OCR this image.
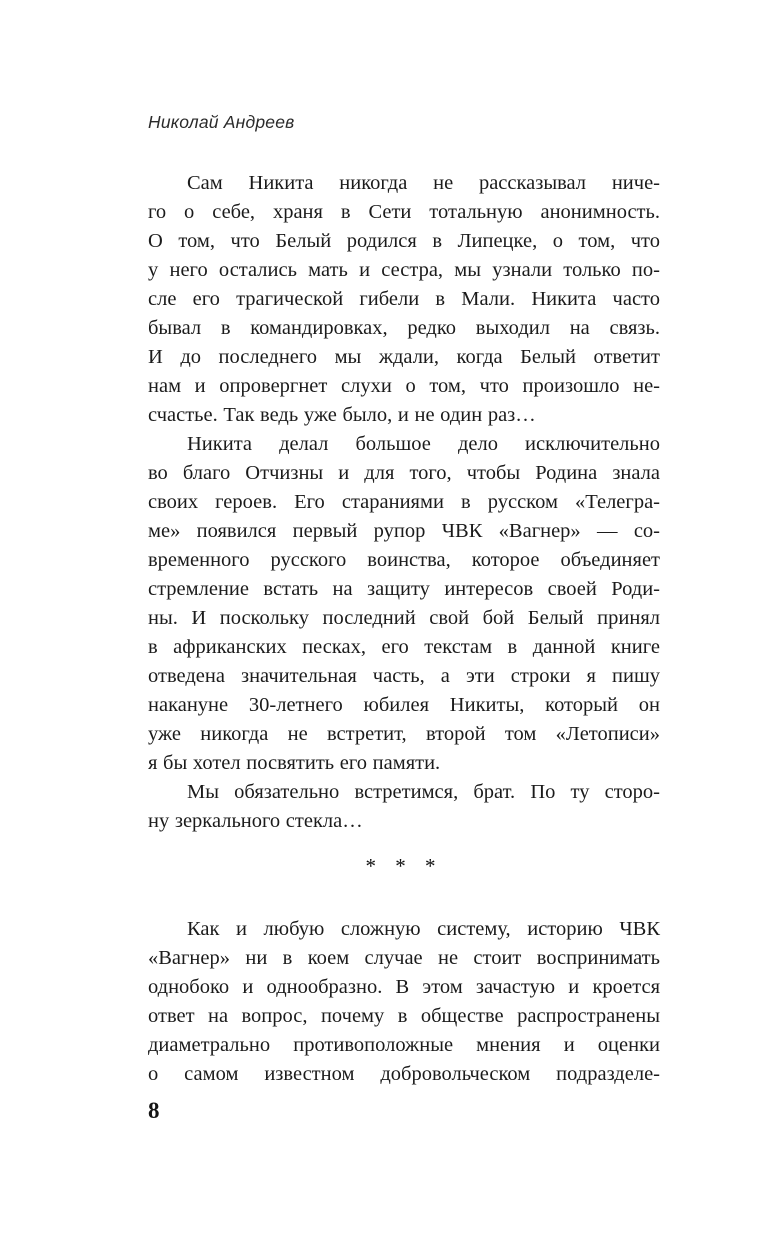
Николай Андреев
Сам Никита никогда не рассказывал ниче-
го о себе, храня в Сети тотальную анонимность.
О том, что Белый родился в Липецке, о том, что
у него остались мать и сестра, мы узнали только по-
сле его трагической гибели в Мали. Никита часто
бывал в командировках, редко выходил на связь.
И до последнего мы ждали, когда Белый ответит
нам и опровергнет слухи о том, что произошло не-
счастье. Так ведь уже было, и не один раз…
Никита делал большое дело исключительно
во благо Отчизны и для того, чтобы Родина знала
своих героев. Его стараниями в русском «Телегра-
ме» появился первый рупор ЧВК «Вагнер» — со-
временного русского воинства, которое объединяет
стремление встать на защиту интересов своей Роди-
ны. И поскольку последний свой бой Белый принял
в африканских песках, его текстам в данной книге
отведена значительная часть, а эти строки я пишу
накануне 30-летнего юбилея Никиты, который он
уже никогда не встретит, второй том «Летописи»
я бы хотел посвятить его памяти.
Мы обязательно встретимся, брат. По ту сторо-
ну зеркального стекла…
* * *
Как и любую сложную систему, историю ЧВК
«Вагнер» ни в коем случае не стоит воспринимать
однобоко и однообразно. В этом зачастую и кроется
ответ на вопрос, почему в обществе распространены
диаметрально противоположные мнения и оценки
о самом известном добровольческом подразделе-
8
